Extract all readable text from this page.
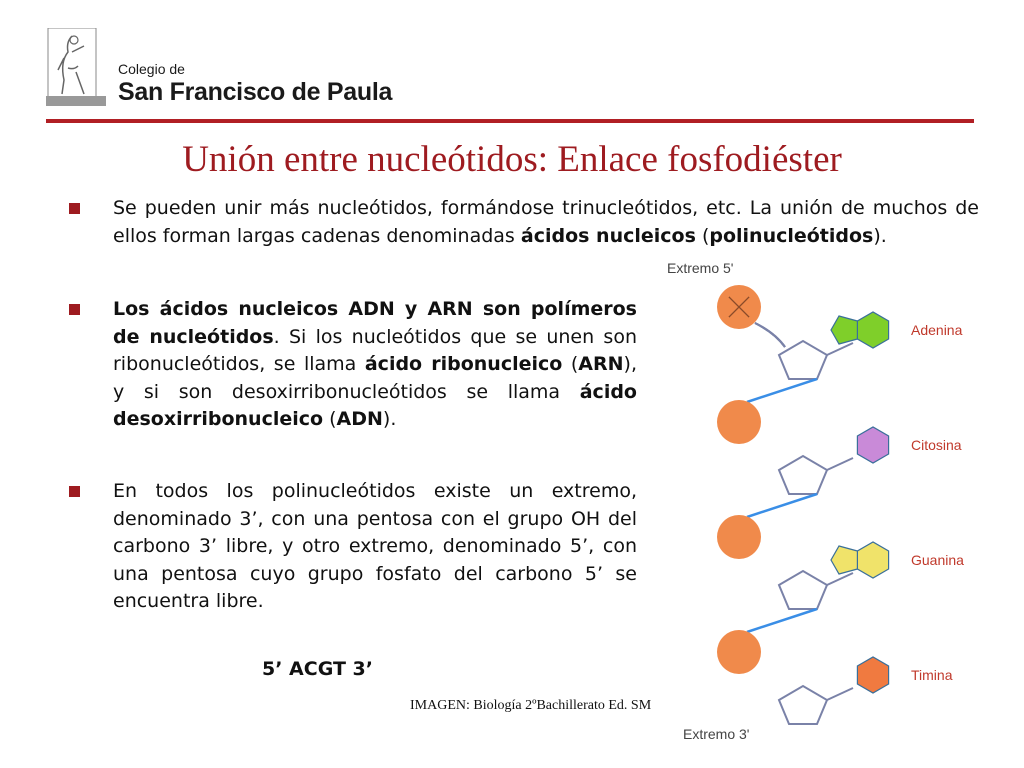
Colegio de
San Francisco de Paula
Unión entre nucleótidos: Enlace fosfodiéster
Se pueden unir más nucleótidos, formándose trinucleótidos, etc. La unión de muchos de ellos forman largas cadenas denominadas ácidos nucleicos (polinucleótidos).
Los ácidos nucleicos ADN y ARN son polímeros de nucleótidos. Si los nucleótidos que se unen son ribonucleótidos, se llama ácido ribonucleico (ARN), y si son desoxirribonucleótidos se llama ácido desoxirribonucleico (ADN).
En todos los polinucleótidos existe un extremo, denominado 3’, con una pentosa con el grupo OH del carbono 3’ libre, y otro extremo, denominado 5’, con una pentosa cuyo grupo fosfato del carbono 5’ se encuentra libre.
5’ ACGT 3’
IMAGEN: Biología 2ºBachillerato Ed. SM
Extremo 5'
Extremo 3'
Adenina
Citosina
Guanina
Timina
